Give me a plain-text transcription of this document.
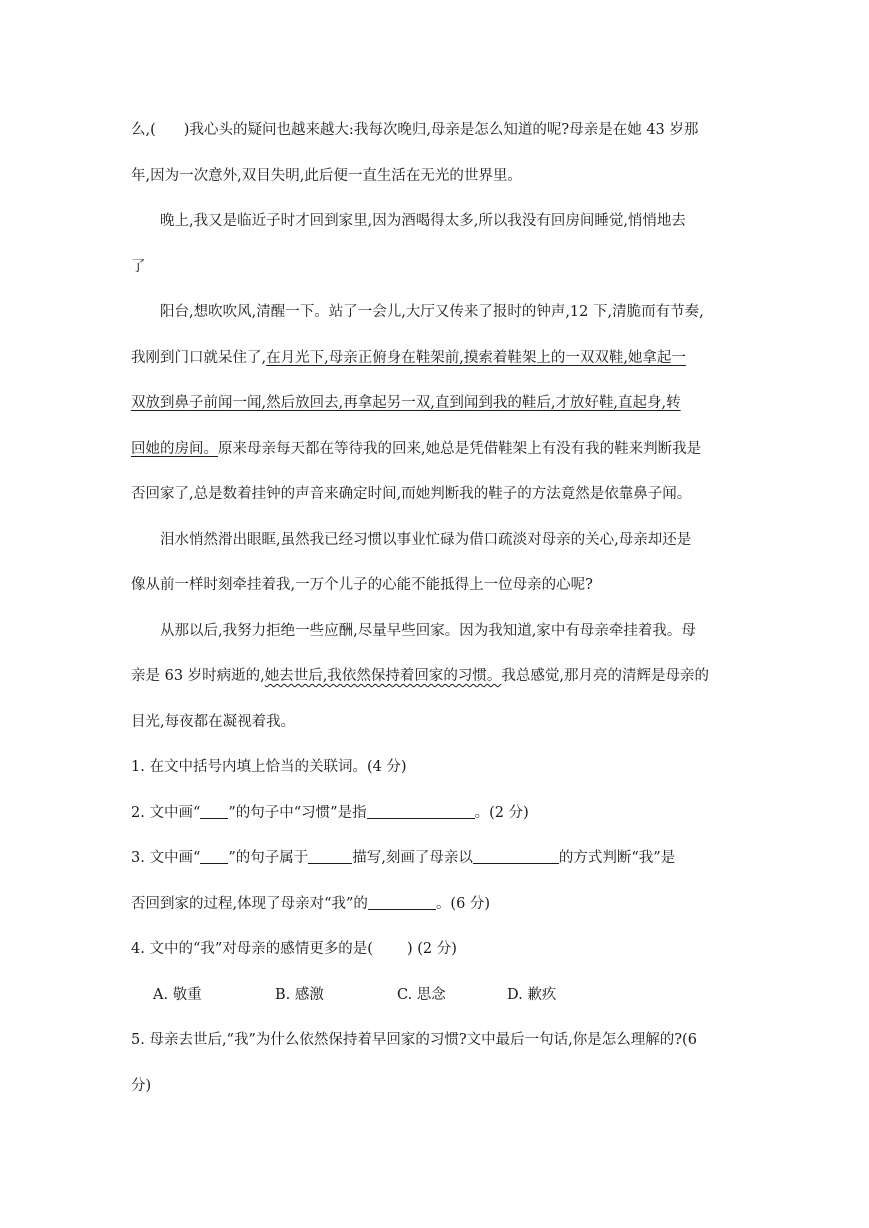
么,( )我心头的疑问也越来越大:我每次晚归,母亲是怎么知道的呢?母亲是在她 43 岁那
年,因为一次意外,双目失明,此后便一直生活在无光的世界里。
晚上,我又是临近子时才回到家里,因为酒喝得太多,所以我没有回房间睡觉,悄悄地去
了
阳台,想吹吹风,清醒一下。站了一会儿,大厅又传来了报时的钟声,12 下,清脆而有节奏,
我刚到门口就呆住了,在月光下,母亲正俯身在鞋架前,摸索着鞋架上的一双双鞋,她拿起一
双放到鼻子前闻一闻,然后放回去,再拿起另一双,直到闻到我的鞋后,才放好鞋,直起身,转
回她的房间。原来母亲每天都在等待我的回来,她总是凭借鞋架上有没有我的鞋来判断我是
否回家了,总是数着挂钟的声音来确定时间,而她判断我的鞋子的方法竟然是依靠鼻子闻。
泪水悄然滑出眼眶,虽然我已经习惯以事业忙碌为借口疏淡对母亲的关心,母亲却还是
像从前一样时刻牵挂着我,一万个儿子的心能不能抵得上一位母亲的心呢?
从那以后,我努力拒绝一些应酬,尽量早些回家。因为我知道,家中有母亲牵挂着我。母
亲是 63 岁时病逝的,她去世后,我依然保持着回家的习惯。我总感觉,那月亮的清辉是母亲的
目光,每夜都在凝视着我。
1. 在文中括号内填上恰当的关联词。(4 分)
2. 文中画“ ”的句子中“习惯”是指	。(2 分)
3. 文中画“ ”的句子属于	描写,刻画了母亲以	的方式判断“我”是
否回到家的过程,体现了母亲对“我”的	。(6 分)
4. 文中的“我”对母亲的感情更多的是( ) (2 分)
A. 敬重	B. 感激	C. 思念	D. 歉疚
5. 母亲去世后,“我”为什么依然保持着早回家的习惯?文中最后一句话,你是怎么理解的?(6
分)
